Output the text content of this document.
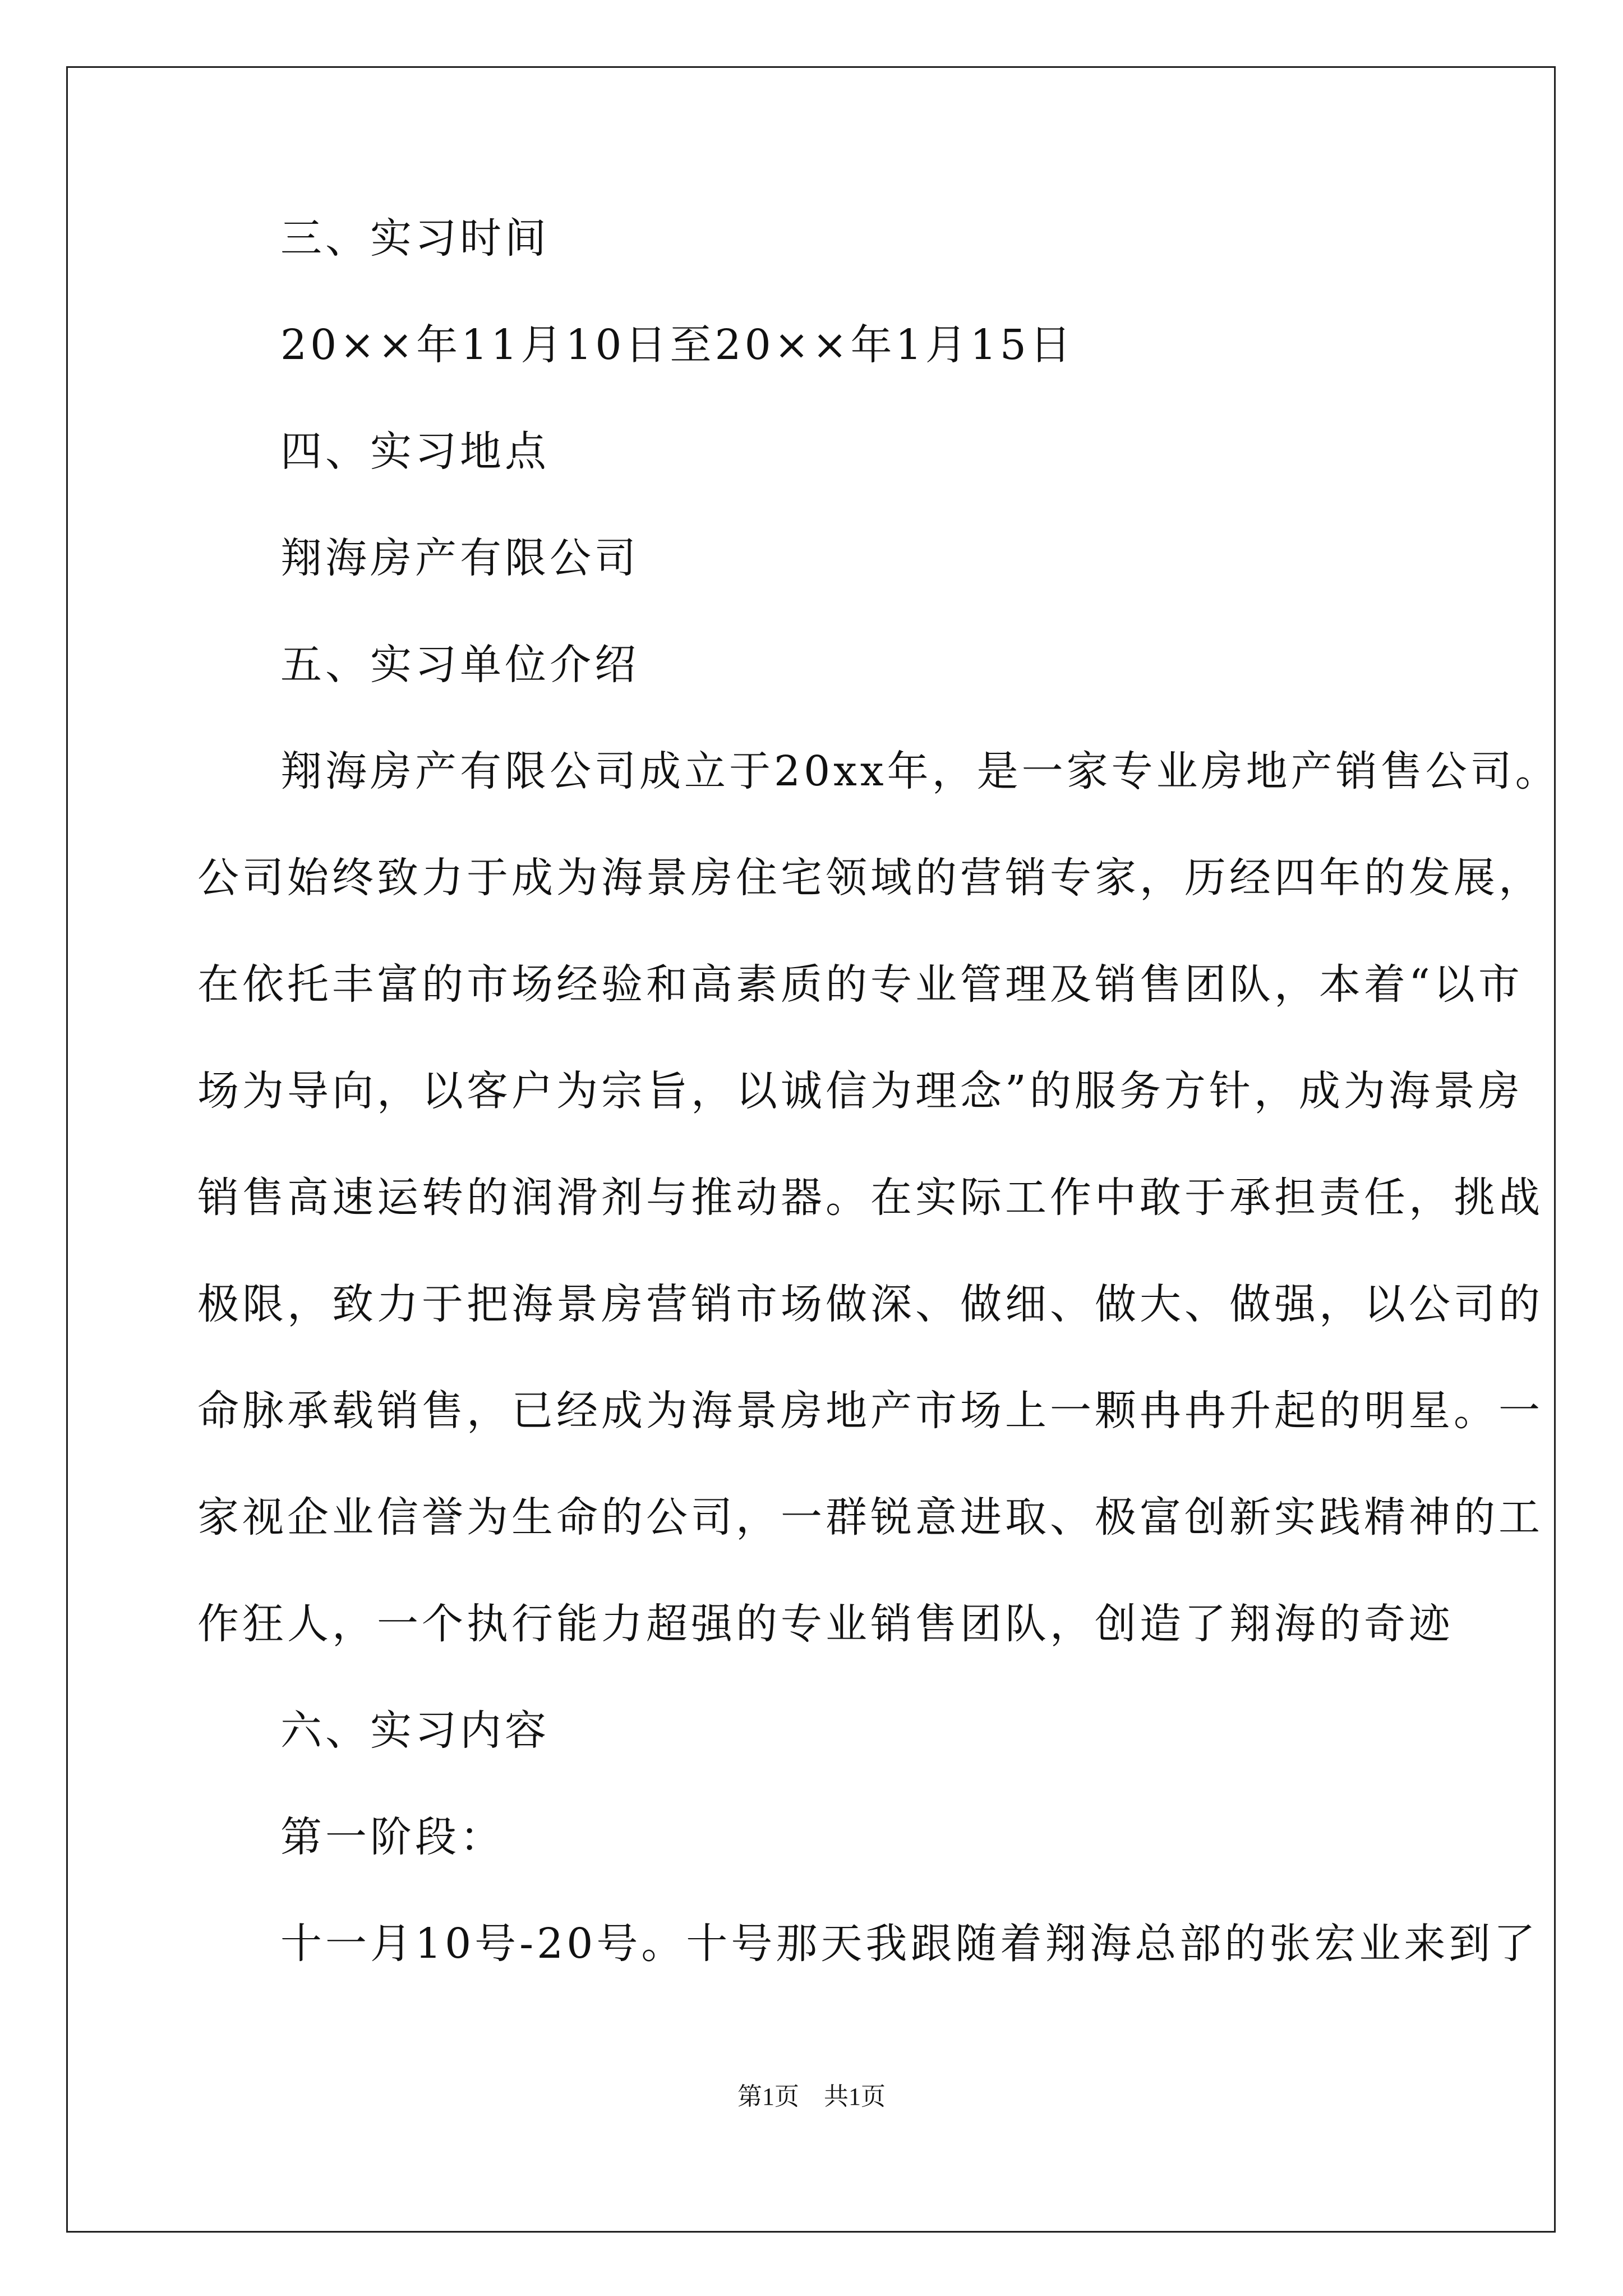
三、实习时间
20××年11月10日至20××年1月15日
四、实习地点
翔海房产有限公司
五、实习单位介绍
翔海房产有限公司成立于20xx年，是一家专业房地产销售公司。
公司始终致力于成为海景房住宅领域的营销专家，历经四年的发展，
在依托丰富的市场经验和高素质的专业管理及销售团队，本着“以市
场为导向，以客户为宗旨，以诚信为理念”的服务方针，成为海景房
销售高速运转的润滑剂与推动器。在实际工作中敢于承担责任，挑战
极限，致力于把海景房营销市场做深、做细、做大、做强，以公司的
命脉承载销售，已经成为海景房地产市场上一颗冉冉升起的明星。一
家视企业信誉为生命的公司，一群锐意进取、极富创新实践精神的工
作狂人，一个执行能力超强的专业销售团队，创造了翔海的奇迹
六、实习内容
第一阶段：
十一月10号-20号。十号那天我跟随着翔海总部的张宏业来到了
第1页　共1页
